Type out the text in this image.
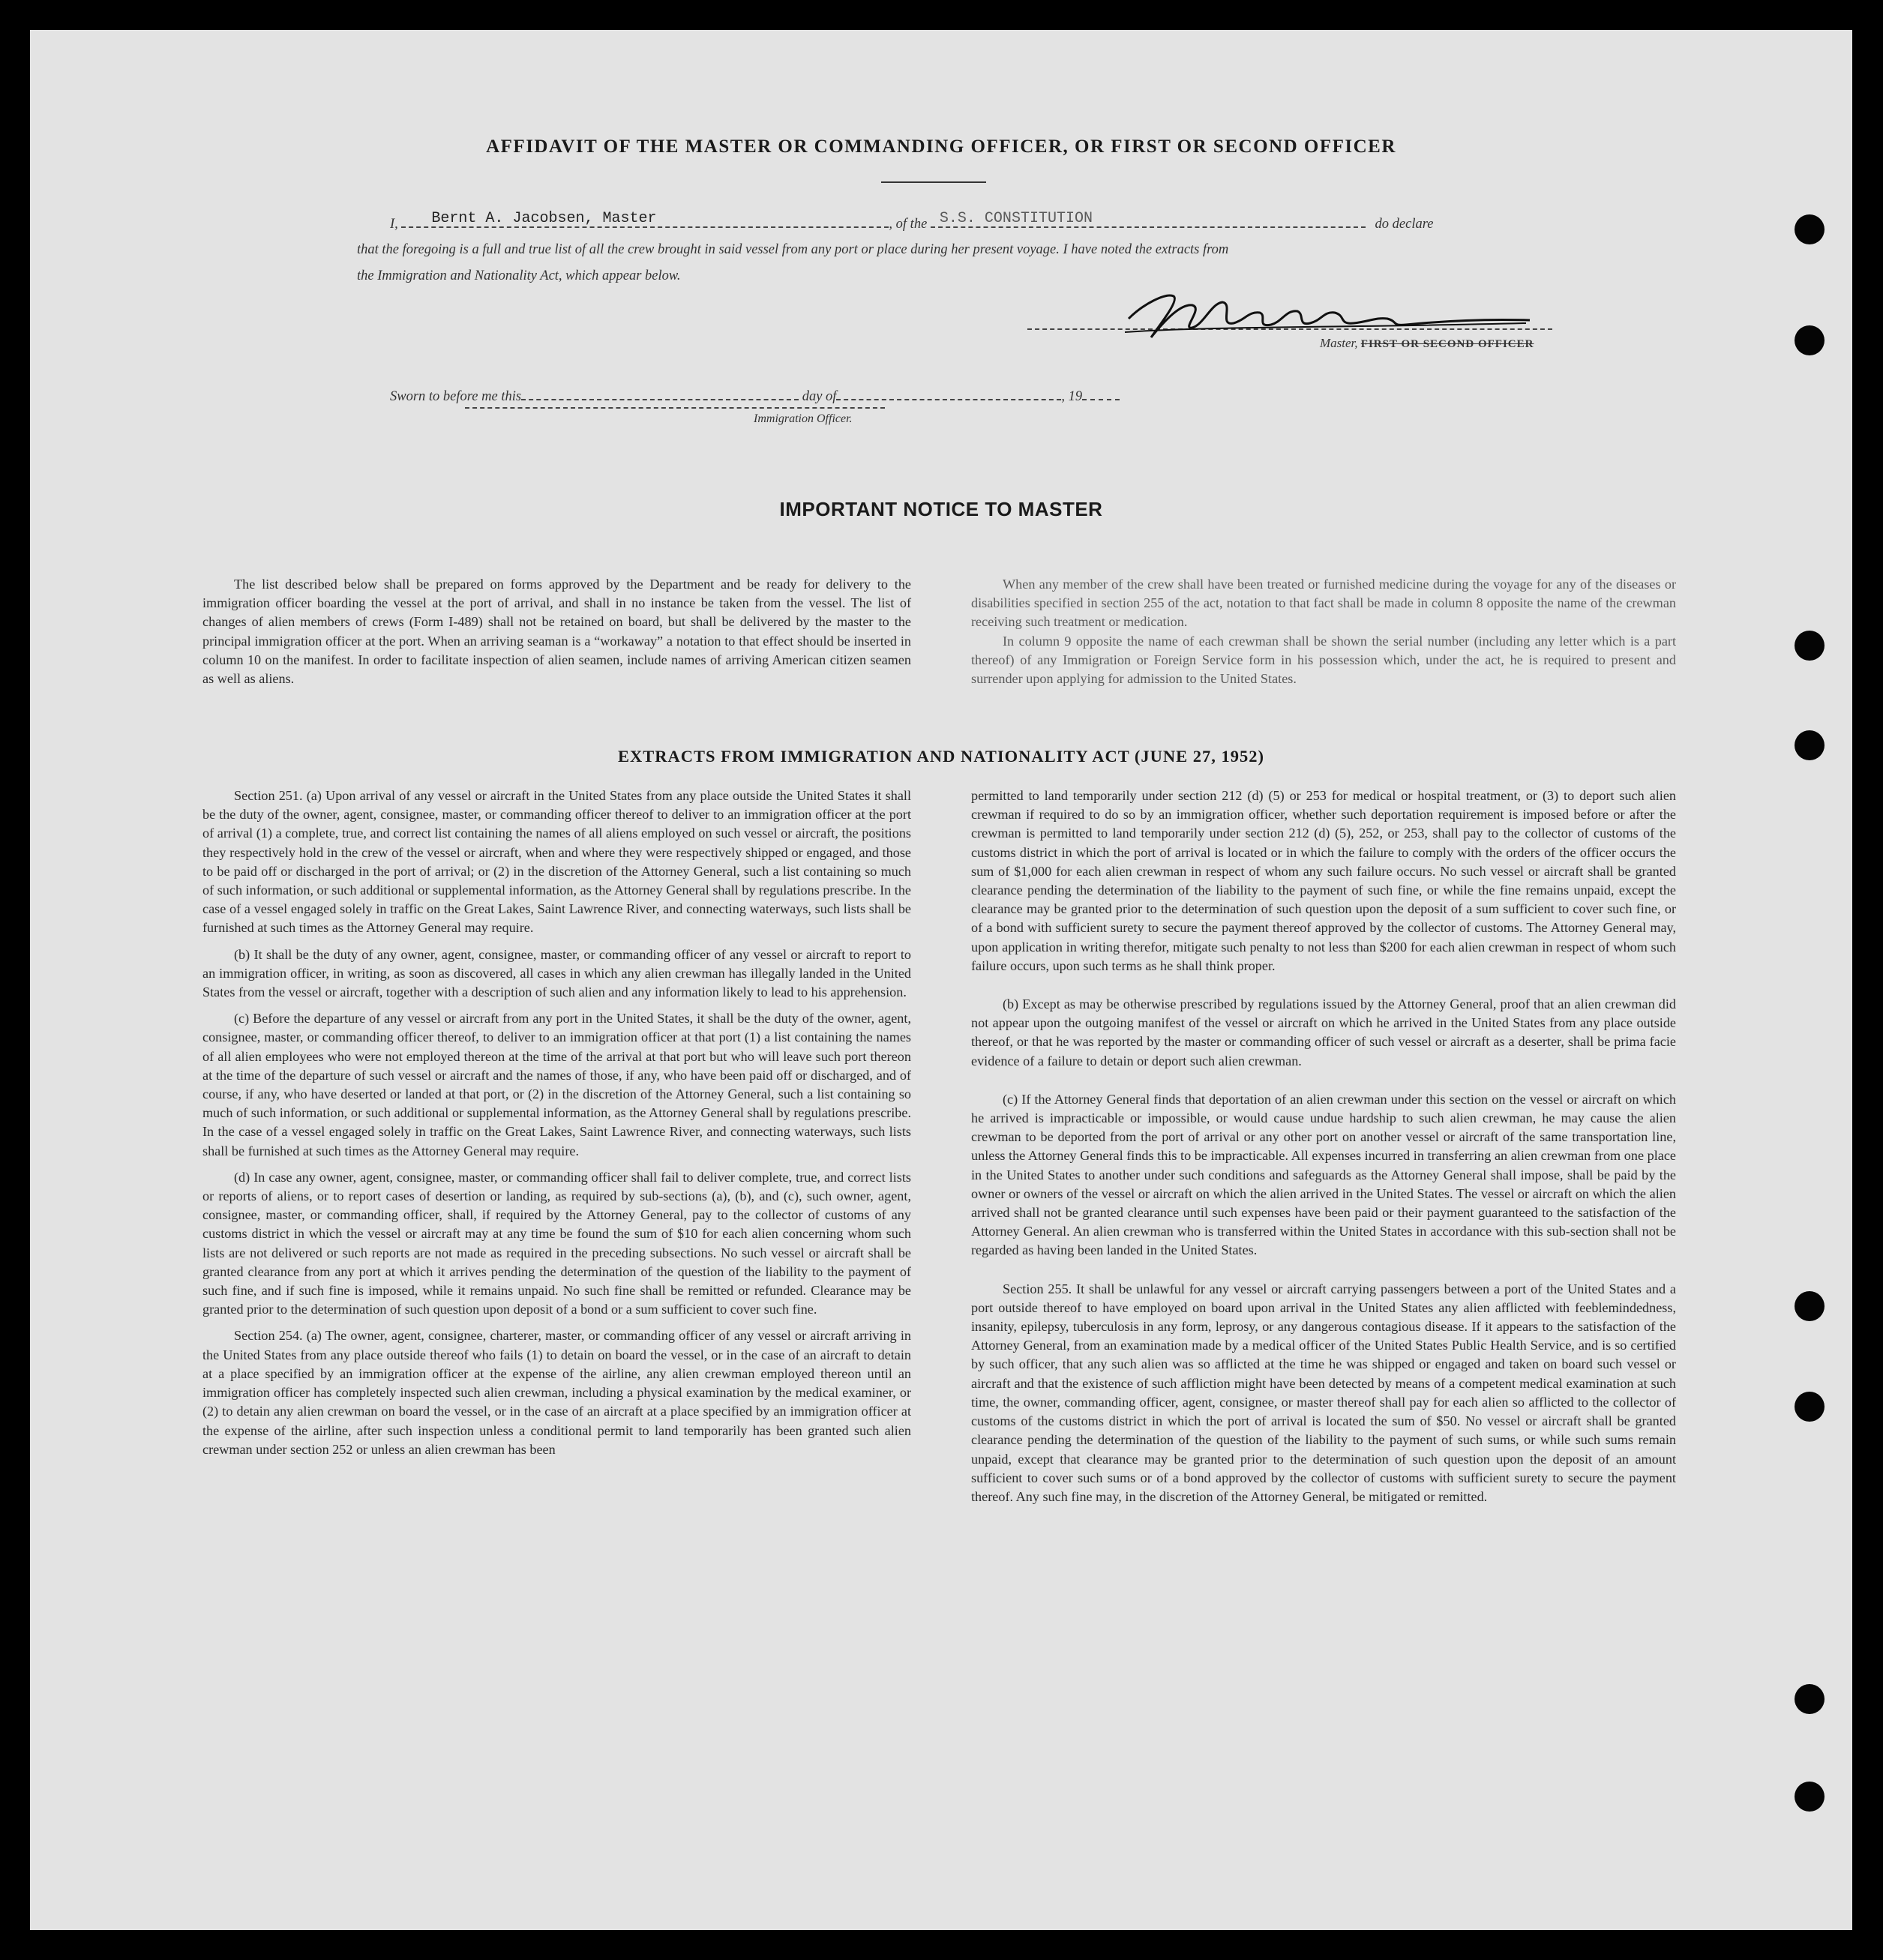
AFFIDAVIT OF THE MASTER OR COMMANDING OFFICER, OR FIRST OR SECOND OFFICER
I, Bernt A. Jacobsen, Master	, of the S.S. CONSTITUTION	do declare
that the foregoing is a full and true list of all the crew brought in said vessel from any port or place during her present voyage. I have noted the extracts from
the Immigration and Nationality Act, which appear below.
Master, FIRST OR SECOND OFFICER
Sworn to before me this	day of	, 19
Immigration Officer.
IMPORTANT NOTICE TO MASTER

The list described below shall be prepared on forms approved by the Department and be ready for delivery to the immigration officer boarding the vessel at the port of arrival, and shall in no instance be taken from the vessel. The list of changes of alien members of crews (Form I-489) shall not be retained on board, but shall be delivered by the master to the principal immigration officer at the port. When an arriving seaman is a “workaway” a notation to that effect should be inserted in column 10 on the manifest. In order to facilitate inspection of alien seamen, include names of arriving American citizen seamen as well as aliens.

When any member of the crew shall have been treated or furnished medicine during the voyage for any of the diseases or disabilities specified in section 255 of the act, notation to that fact shall be made in column 8 opposite the name of the crewman receiving such treatment or medication.

In column 9 opposite the name of each crewman shall be shown the serial number (including any letter which is a part thereof) of any Immigration or Foreign Service form in his possession which, under the act, he is required to present and surrender upon applying for admission to the United States.

EXTRACTS FROM IMMIGRATION AND NATIONALITY ACT (JUNE 27, 1952)

Section 251. (a) Upon arrival of any vessel or aircraft in the United States from any place outside the United States it shall be the duty of the owner, agent, consignee, master, or commanding officer thereof to deliver to an immigration officer at the port of arrival (1) a complete, true, and correct list containing the names of all aliens employed on such vessel or aircraft, the positions they respectively hold in the crew of the vessel or aircraft, when and where they were respectively shipped or engaged, and those to be paid off or discharged in the port of arrival; or (2) in the discretion of the Attorney General, such a list containing so much of such information, or such additional or supplemental information, as the Attorney General shall by regulations prescribe. In the case of a vessel engaged solely in traffic on the Great Lakes, Saint Lawrence River, and connecting waterways, such lists shall be furnished at such times as the Attorney General may require.

(b) It shall be the duty of any owner, agent, consignee, master, or commanding officer of any vessel or aircraft to report to an immigration officer, in writing, as soon as discovered, all cases in which any alien crewman has illegally landed in the United States from the vessel or aircraft, together with a description of such alien and any information likely to lead to his apprehension.

(c) Before the departure of any vessel or aircraft from any port in the United States, it shall be the duty of the owner, agent, consignee, master, or commanding officer thereof, to deliver to an immigration officer at that port (1) a list containing the names of all alien employees who were not employed thereon at the time of the arrival at that port but who will leave such port thereon at the time of the departure of such vessel or aircraft and the names of those, if any, who have been paid off or discharged, and of course, if any, who have deserted or landed at that port, or (2) in the discretion of the Attorney General, such a list containing so much of such information, or such additional or supplemental information, as the Attorney General shall by regulations prescribe. In the case of a vessel engaged solely in traffic on the Great Lakes, Saint Lawrence River, and connecting waterways, such lists shall be furnished at such times as the Attorney General may require.

(d) In case any owner, agent, consignee, master, or commanding officer shall fail to deliver complete, true, and correct lists or reports of aliens, or to report cases of desertion or landing, as required by sub-sections (a), (b), and (c), such owner, agent, consignee, master, or commanding officer, shall, if required by the Attorney General, pay to the collector of customs of any customs district in which the vessel or aircraft may at any time be found the sum of $10 for each alien concerning whom such lists are not delivered or such reports are not made as required in the preceding subsections. No such vessel or aircraft shall be granted clearance from any port at which it arrives pending the determination of the question of the liability to the payment of such fine, and if such fine is imposed, while it remains unpaid. No such fine shall be remitted or refunded. Clearance may be granted prior to the determination of such question upon deposit of a bond or a sum sufficient to cover such fine.

Section 254. (a) The owner, agent, consignee, charterer, master, or commanding officer of any vessel or aircraft arriving in the United States from any place outside thereof who fails (1) to detain on board the vessel, or in the case of an aircraft to detain at a place specified by an immigration officer at the expense of the airline, any alien crewman employed thereon until an immigration officer has completely inspected such alien crewman, including a physical examination by the medical examiner, or (2) to detain any alien crewman on board the vessel, or in the case of an aircraft at a place specified by an immigration officer at the expense of the airline, after such inspection unless a conditional permit to land temporarily has been granted such alien crewman under section 252 or unless an alien crewman has been

permitted to land temporarily under section 212 (d) (5) or 253 for medical or hospital treatment, or (3) to deport such alien crewman if required to do so by an immigration officer, whether such deportation requirement is imposed before or after the crewman is permitted to land temporarily under section 212 (d) (5), 252, or 253, shall pay to the collector of customs of the customs district in which the port of arrival is located or in which the failure to comply with the orders of the officer occurs the sum of $1,000 for each alien crewman in respect of whom any such failure occurs. No such vessel or aircraft shall be granted clearance pending the determination of the liability to the payment of such fine, or while the fine remains unpaid, except the clearance may be granted prior to the determination of such question upon the deposit of a sum sufficient to cover such fine, or of a bond with sufficient surety to secure the payment thereof approved by the collector of customs. The Attorney General may, upon application in writing therefor, mitigate such penalty to not less than $200 for each alien crewman in respect of whom such failure occurs, upon such terms as he shall think proper.

(b) Except as may be otherwise prescribed by regulations issued by the Attorney General, proof that an alien crewman did not appear upon the outgoing manifest of the vessel or aircraft on which he arrived in the United States from any place outside thereof, or that he was reported by the master or commanding officer of such vessel or aircraft as a deserter, shall be prima facie evidence of a failure to detain or deport such alien crewman.

(c) If the Attorney General finds that deportation of an alien crewman under this section on the vessel or aircraft on which he arrived is impracticable or impossible, or would cause undue hardship to such alien crewman, he may cause the alien crewman to be deported from the port of arrival or any other port on another vessel or aircraft of the same transportation line, unless the Attorney General finds this to be impracticable. All expenses incurred in transferring an alien crewman from one place in the United States to another under such conditions and safeguards as the Attorney General shall impose, shall be paid by the owner or owners of the vessel or aircraft on which the alien arrived in the United States. The vessel or aircraft on which the alien arrived shall not be granted clearance until such expenses have been paid or their payment guaranteed to the satisfaction of the Attorney General. An alien crewman who is transferred within the United States in accordance with this sub-section shall not be regarded as having been landed in the United States.

Section 255. It shall be unlawful for any vessel or aircraft carrying passengers between a port of the United States and a port outside thereof to have employed on board upon arrival in the United States any alien afflicted with feeblemindedness, insanity, epilepsy, tuberculosis in any form, leprosy, or any dangerous contagious disease. If it appears to the satisfaction of the Attorney General, from an examination made by a medical officer of the United States Public Health Service, and is so certified by such officer, that any such alien was so afflicted at the time he was shipped or engaged and taken on board such vessel or aircraft and that the existence of such affliction might have been detected by means of a competent medical examination at such time, the owner, commanding officer, agent, consignee, or master thereof shall pay for each alien so afflicted to the collector of customs of the customs district in which the port of arrival is located the sum of $50. No vessel or aircraft shall be granted clearance pending the determination of the question of the liability to the payment of such sums, or while such sums remain unpaid, except that clearance may be granted prior to the determination of such question upon the deposit of an amount sufficient to cover such sums or of a bond approved by the collector of customs with sufficient surety to secure the payment thereof. Any such fine may, in the discretion of the Attorney General, be mitigated or remitted.
